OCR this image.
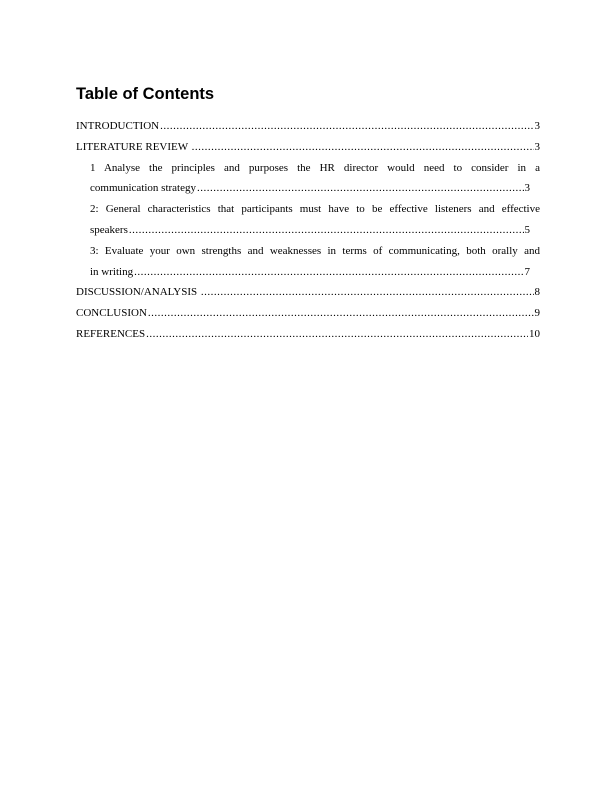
Table of Contents
INTRODUCTION .....	3
LITERATURE REVIEW .....	3
1 Analyse the principles and purposes the HR director would need to consider in a
communication strategy .....	3
2: General characteristics that participants must have to be effective listeners and effective
speakers .....	5
3: Evaluate your own strengths and weaknesses in terms of communicating, both orally and
in writing .....	7
DISCUSSION/ANALYSIS .....	8
CONCLUSION .....	9
REFERENCES .....	10
